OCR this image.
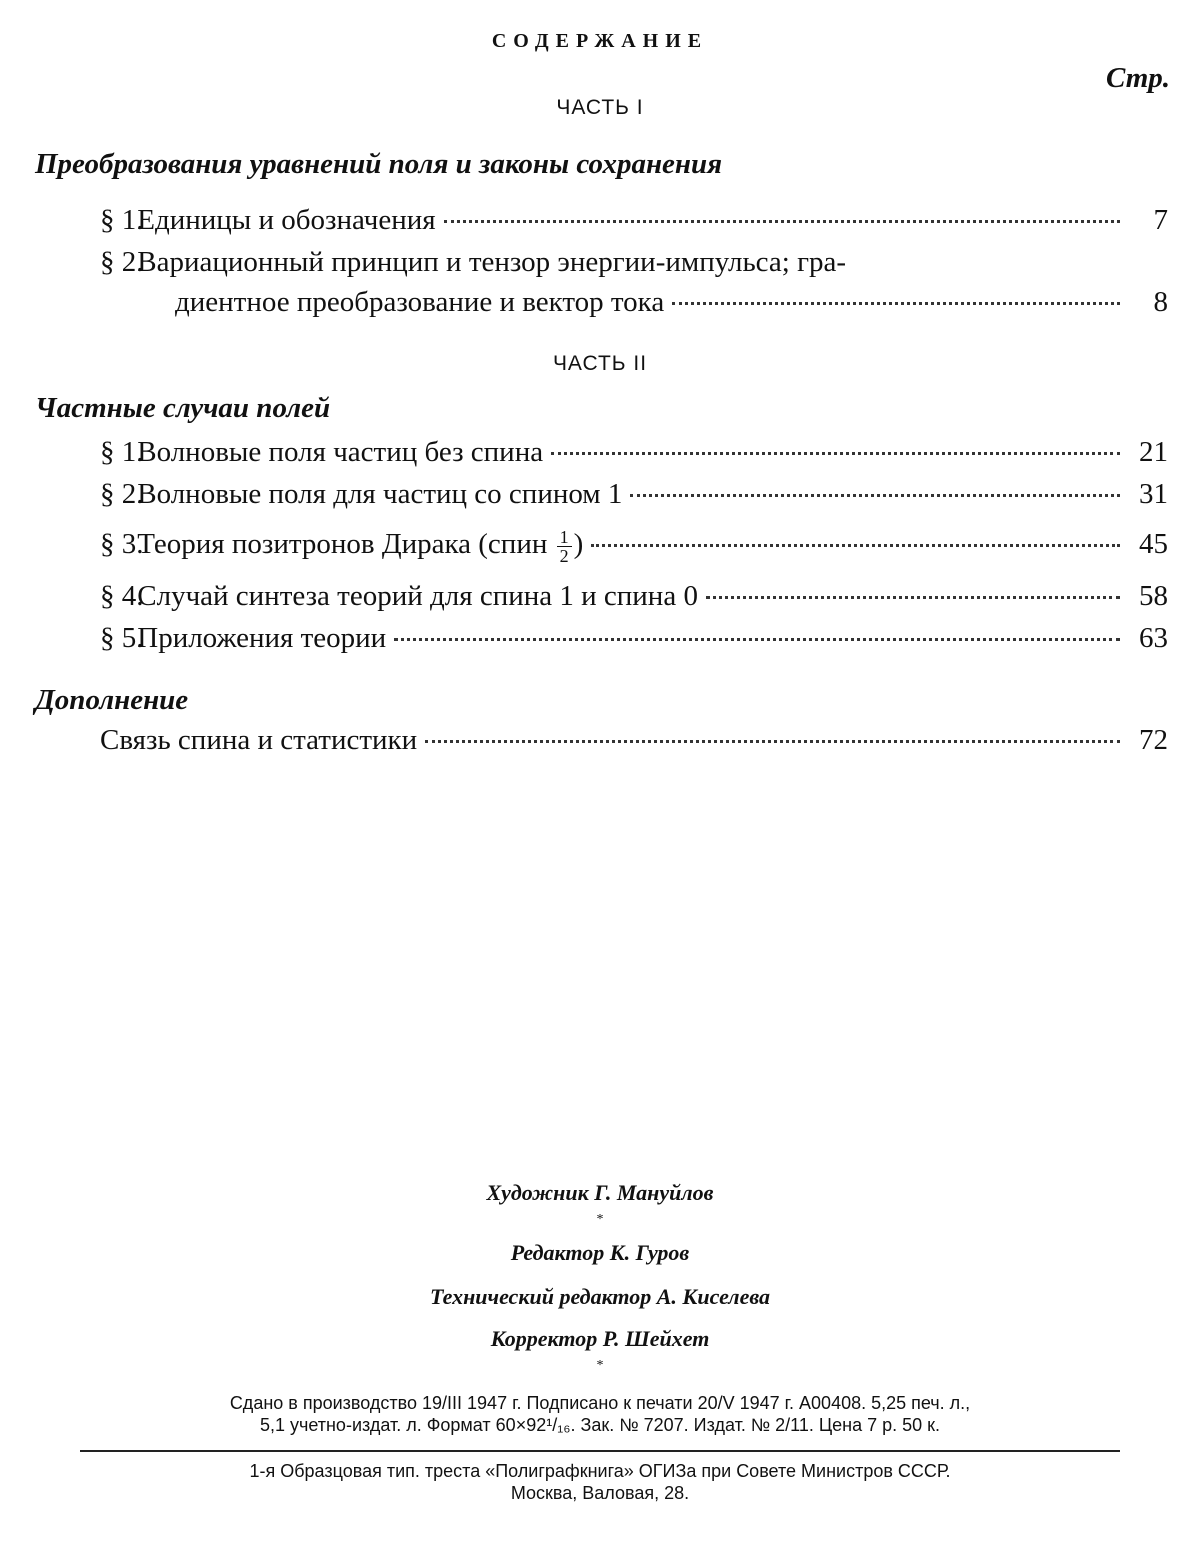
СОДЕРЖАНИЕ
Стр.
ЧАСТЬ I
Преобразования уравнений поля и законы сохранения
§ 1. Единицы и обозначения	7
§ 2. Вариационный принцип и тензор энергии-импульса; гра-
диентное преобразование и вектор тока	8
ЧАСТЬ II
Частные случаи полей
§ 1. Волновые поля частиц без спина	21
§ 2. Волновые поля для частиц со спином 1	31
§ 3. Теория позитронов Дирака (спин $\frac{1}{2}$ )	45
§ 4. Случай синтеза теорий для спина 1 и спина 0	58
§ 5. Приложения теории	63
Дополнение
Связь спина и статистики	72
Художник Г. Мануйлов
*
Редактор К. Гуров
Технический редактор А. Киселева
Корректор Р. Шейхет
*
Сдано в производство 19/III 1947 г. Подписано к печати 20/V 1947 г. А00408. 5,25 печ. л.,
5,1 учетно-издат. л. Формат 60×92¹/₁₆. Зак. № 7207. Издат. № 2/11. Цена 7 р. 50 к.
1-я Образцовая тип. треста «Полиграфкнига» ОГИЗа при Совете Министров СССР.
Москва, Валовая, 28.
